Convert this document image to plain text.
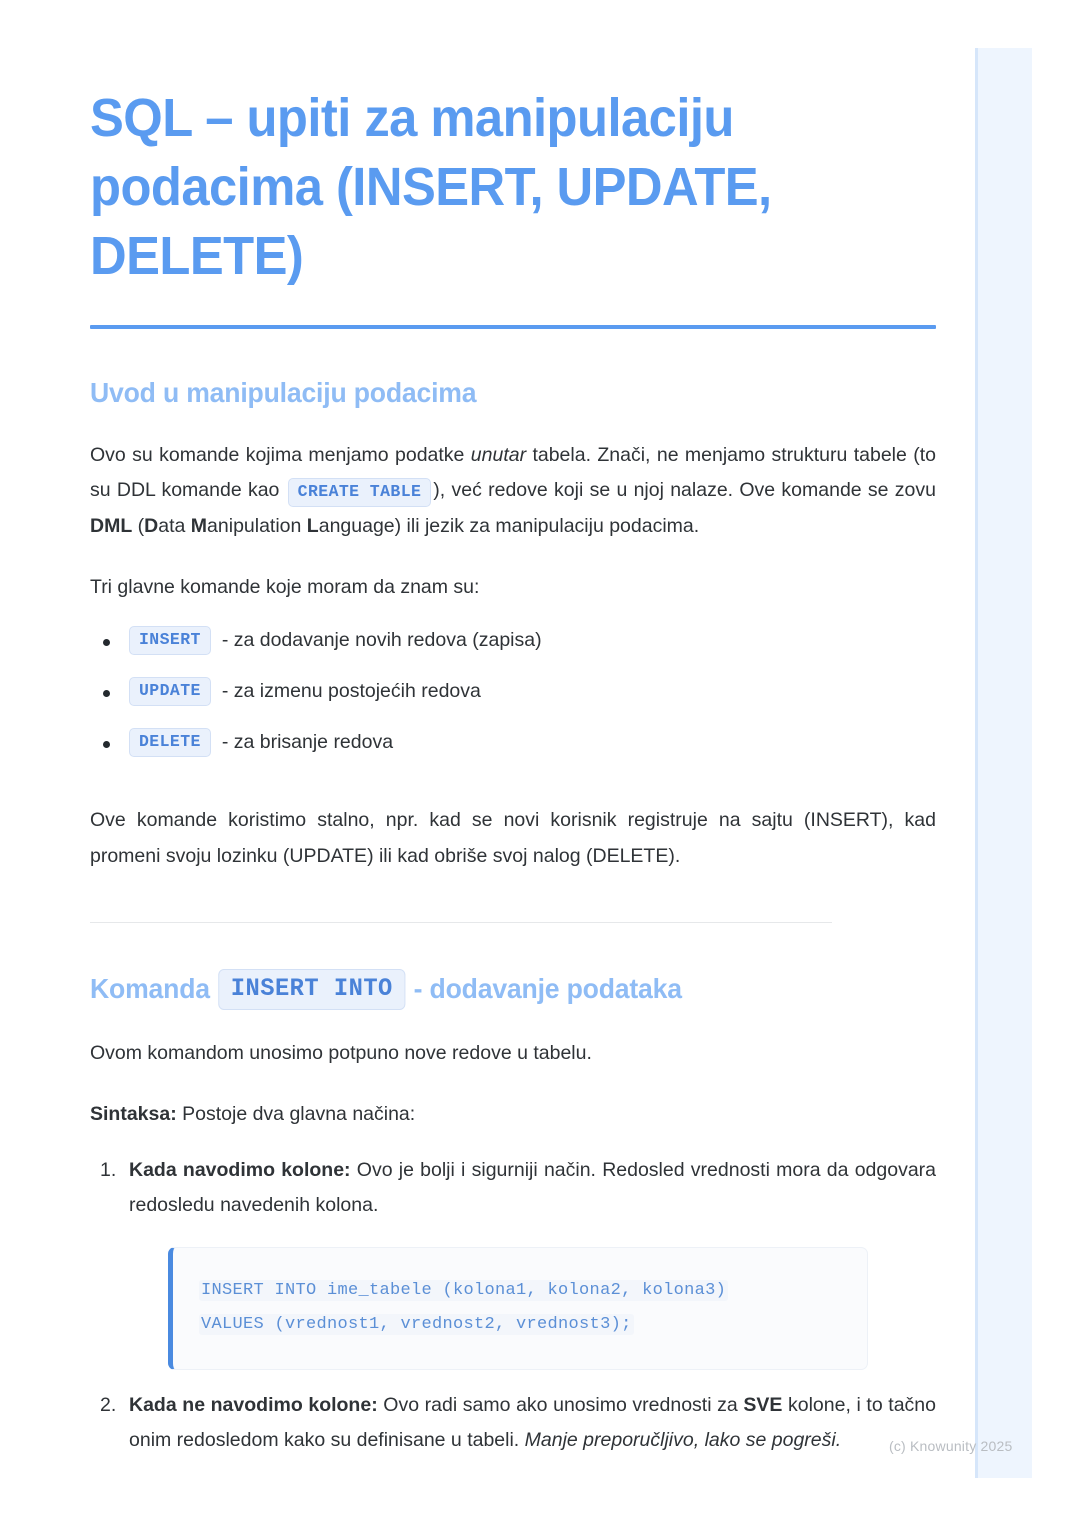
SQL – upiti za manipulaciju podacima (INSERT, UPDATE, DELETE)
Uvod u manipulaciju podacima

Ovo su komande kojima menjamo podatke unutar tabela. Znači, ne menjamo strukturu tabele (to su DDL komande kao CREATE TABLE ), već redove koji se u njoj nalaze. Ove komande se zovu DML (Data Manipulation Language) ili jezik za manipulaciju podacima.

Tri glavne komande koje moram da znam su:

INSERT	- za dodavanje novih redova (zapisa)
UPDATE	- za izmenu postojećih redova
DELETE	- za brisanje redova

Ove komande koristimo stalno, npr. kad se novi korisnik registruje na sajtu (INSERT), kad promeni svoju lozinku (UPDATE) ili kad obriše svoj nalog (DELETE).

Komanda INSERT INTO - dodavanje podataka

Ovom komandom unosimo potpuno nove redove u tabelu.

Sintaksa: Postoje dva glavna načina:

Kada navodimo kolone: Ovo je bolji i sigurniji način. Redosled vrednosti mora da odgovara redosledu navedenih kolona.
INSERT INTO ime_tabele (kolona1, kolona2, kolona3)
VALUES (vrednost1, vrednost2, vrednost3);
Kada ne navodimo kolone: Ovo radi samo ako unosimo vrednosti za SVE kolone, i to tačno onim redosledom kako su definisane u tabeli. Manje preporučljivo, lako se pogreši.	(c) Knowunity 2025
